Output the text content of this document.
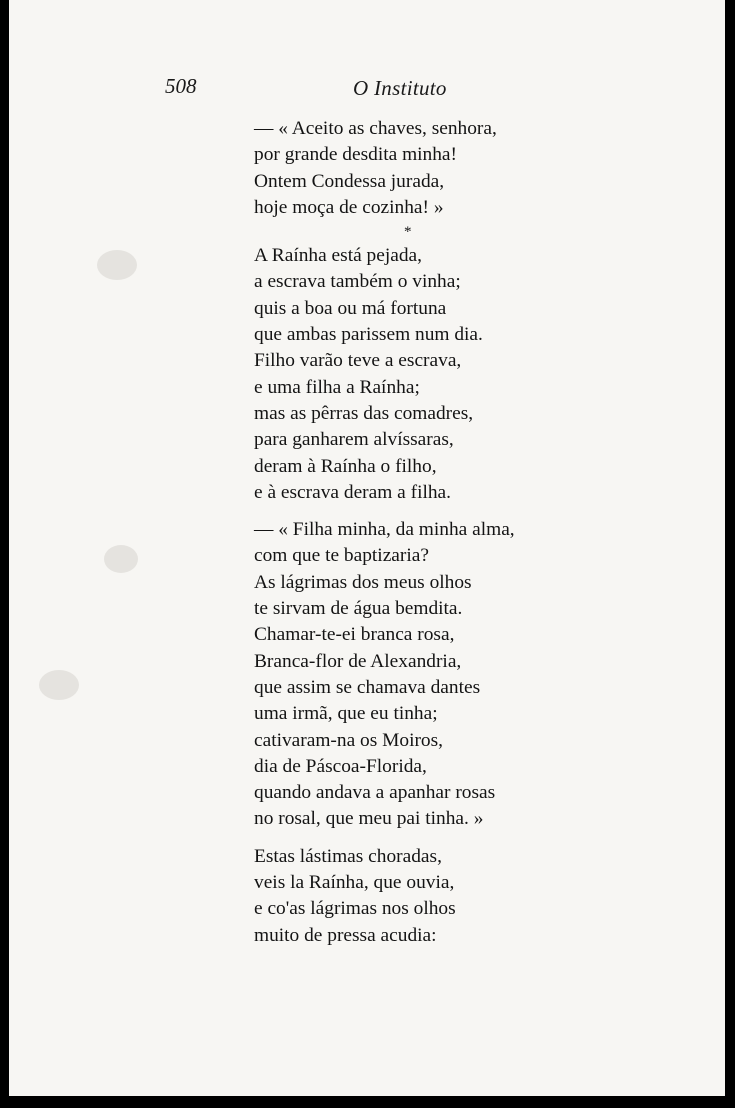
508	O Instituto
— « Aceito as chaves, senhora,
por grande desdita minha!
Ontem Condessa jurada,
hoje moça de cozinha! »
*
A Raínha está pejada,
a escrava também o vinha;
quis a boa ou má fortuna
que ambas parissem num dia.
Filho varão teve a escrava,
e uma filha a Raínha;
mas as pêrras das comadres,
para ganharem alvíssaras,
deram à Raínha o filho,
e à escrava deram a filha.
— « Filha minha, da minha alma,
com que te baptizaria?
As lágrimas dos meus olhos
te sirvam de água bemdita.
Chamar-te-ei branca rosa,
Branca-flor de Alexandria,
que assim se chamava dantes
uma irmã, que eu tinha;
cativaram-na os Moiros,
dia de Páscoa-Florida,
quando andava a apanhar rosas
no rosal, que meu pai tinha. »
Estas lástimas choradas,
veis la Raínha, que ouvia,
e co'as lágrimas nos olhos
muito de pressa acudia:
